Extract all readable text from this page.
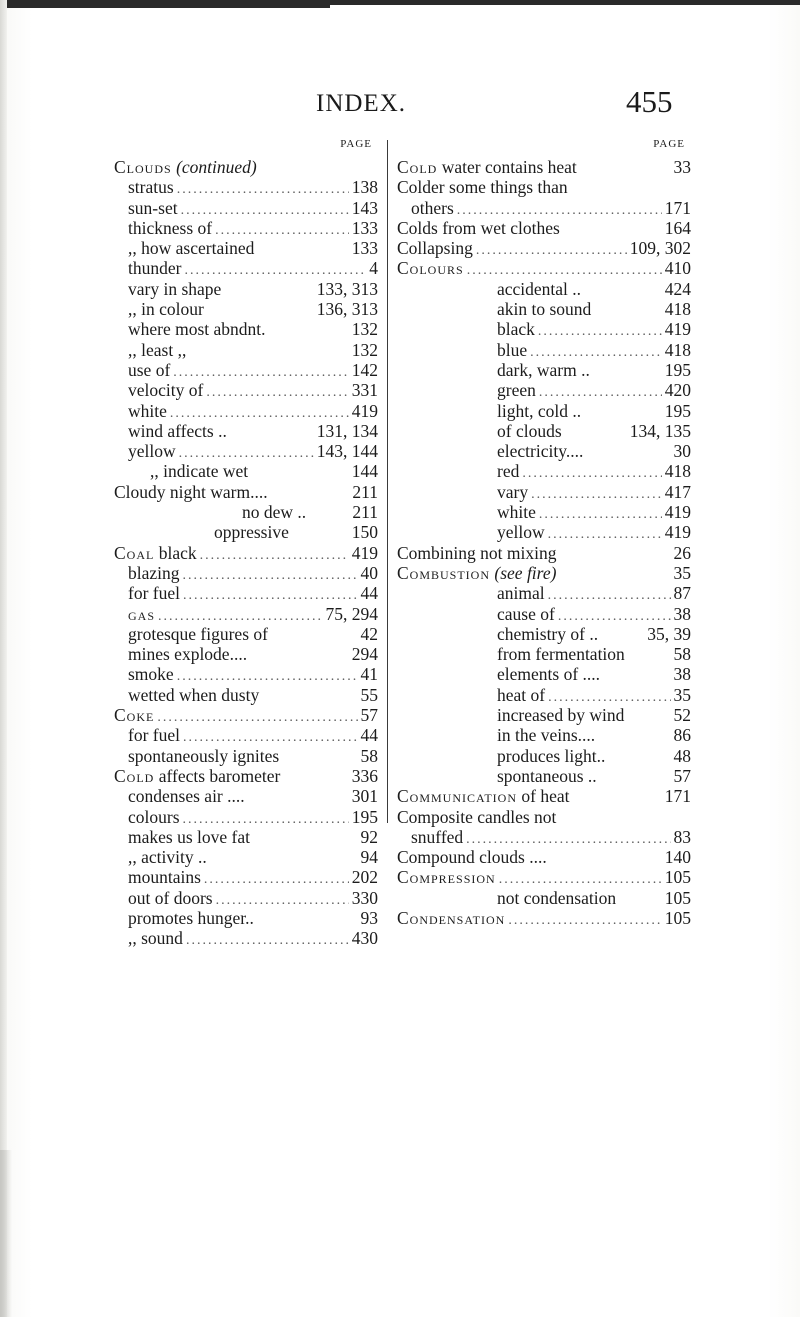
INDEX.	455
PAGE
Clouds (continued)
stratus .....	138
sun-set .....	143
thickness of .....	133
,, how ascertained	133
thunder .....	4
vary in shape	133, 313
,, in colour	136, 313
where most abndnt.	132
,, least ,,	132
use of .....	142
velocity of .....	331
white .....	419
wind affects ..	131, 134
yellow .....	143, 144
,, indicate wet	144
Cloudy night warm....	211
no dew ..	211
oppressive	150
Coal black .....	419
blazing .....	40
for fuel .....	44
gas .....	75, 294
grotesque figures of	42
mines explode....	294
smoke .....	41
wetted when dusty	55
Coke .....	57
for fuel .....	44
spontaneously ignites	58
Cold affects barometer	336
condenses air ....	301
colours .....	195
makes us love fat	92
,, activity ..	94
mountains .....	202
out of doors .....	330
promotes hunger..	93
,, sound .....	430
PAGE
Cold water contains heat	33
Colder some things than
others .....	171
Colds from wet clothes	164
Collapsing .....	109, 302
Colours .....	410
accidental ..	424
akin to sound	418
black .....	419
blue .....	418
dark, warm ..	195
green .....	420
light, cold ..	195
of clouds	134, 135
electricity....	30
red .....	418
vary .....	417
white .....	419
yellow .....	419
Combining not mixing	26
Combustion (see fire)	35
animal .....	87
cause of .....	38
chemistry of ..	35, 39
from fermentation	58
elements of ....	38
heat of .....	35
increased by wind	52
in the veins....	86
produces light..	48
spontaneous ..	57
Communication of heat	171
Composite candles not
snuffed .....	83
Compound clouds ....	140
Compression .....	105
not condensation	105
Condensation .....	105
